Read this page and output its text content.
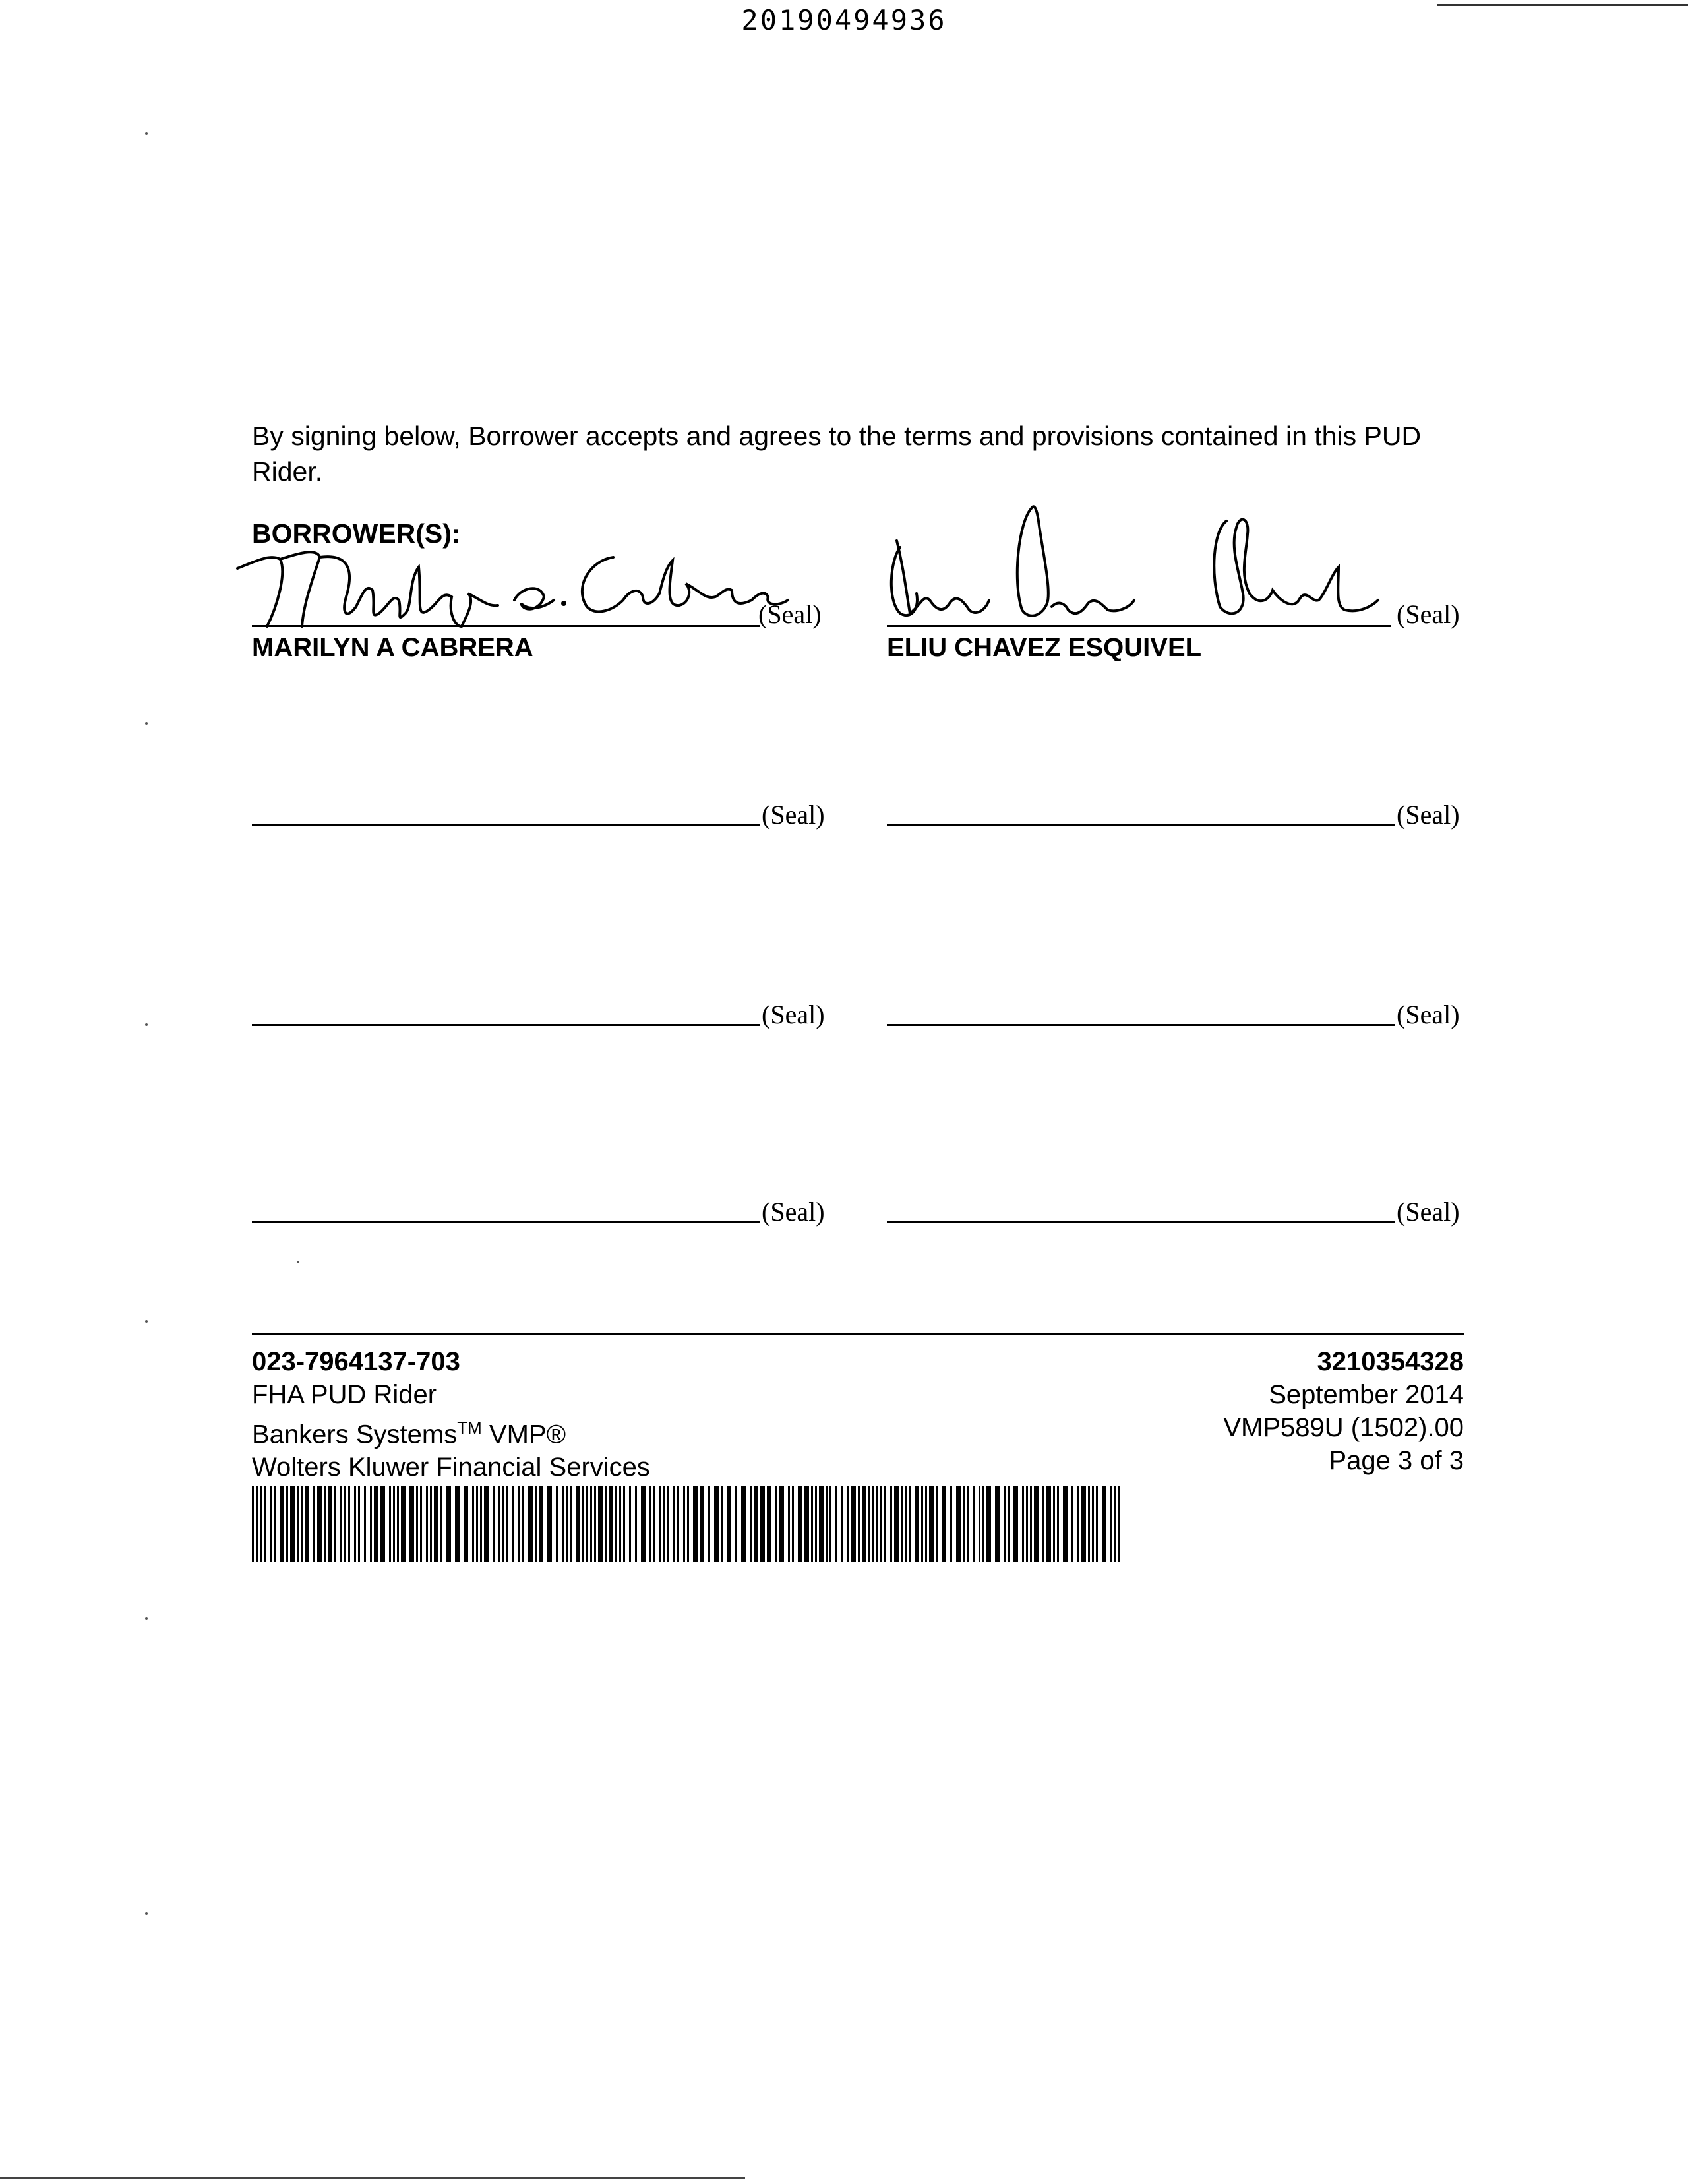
20190494936
By signing below, Borrower accepts and agrees to the terms and provisions contained in this PUD Rider.
BORROWER(S):
(Seal)
MARILYN A CABRERA
(Seal)
ELIU CHAVEZ ESQUIVEL
(Seal)	(Seal)
(Seal)	(Seal)
(Seal)	(Seal)
023-7964137-703
FHA PUD Rider
Bankers Systems™ VMP®
Wolters Kluwer Financial Services
3210354328
September 2014
VMP589U (1502).00
Page 3 of 3
